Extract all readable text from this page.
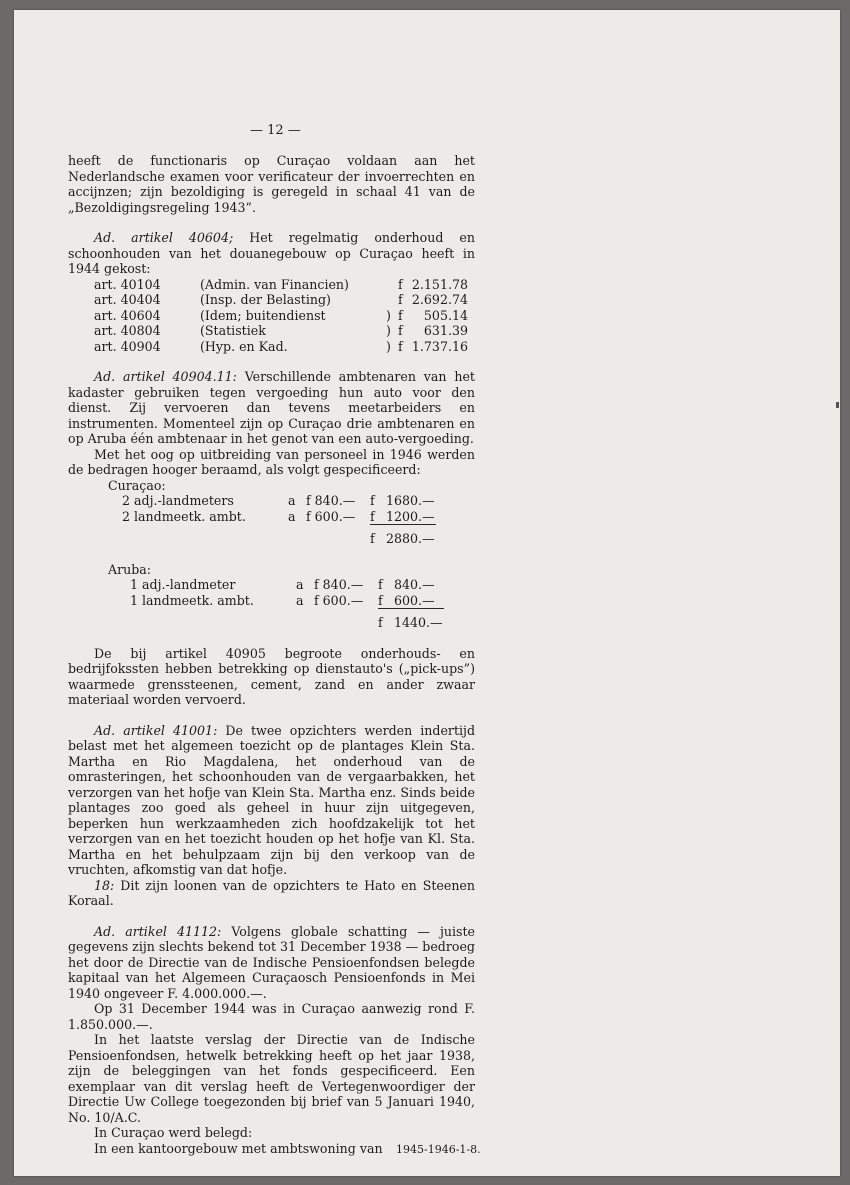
— 12 —

heeft de functionaris op Curaçao voldaan aan het Nederlandsche examen voor verificateur der invoerrechten en accijnzen; zijn bezoldiging is geregeld in schaal 41 van de „Bezoldigingsregeling 1943”.

Ad. artikel 40604; Het regelmatig onderhoud en schoonhouden van het douanegebouw op Curaçao heeft in 1944 gekost:

art. 40104	(Admin. van Financien)		f	2.151.78
art. 40404	(Insp. der Belasting)		f	2.692.74
art. 40604	(Idem; buitendienst	)	f	505.14
art. 40804	(Statistiek	)	f	631.39
art. 40904	(Hyp. en Kad.	)	f	1.737.16

Ad. artikel 40904.11: Verschillende ambtenaren van het kadaster gebruiken tegen vergoeding hun auto voor den dienst. Zij vervoeren dan tevens meetarbeiders en instrumenten. Momenteel zijn op Curaçao drie ambtenaren en op Aruba één ambtenaar in het genot van een auto-vergoeding.

Met het oog op uitbreiding van personeel in 1946 werden de bedragen hooger beraamd, als volgt gespecificeerd:

Curaçao:
2 adj.-landmeters	a	f 840.—	f	1680.—
2 landmeetk. ambt.	a	f 600.—	f	1200.—
			f	2880.—
Aruba:
1 adj.-landmeter	a	f 840.—	f	840.—
1 landmeetk. ambt.	a	f 600.—	f	600.—
			f	1440.—

De bij artikel 40905 begroote onderhouds- en bedrijfokssten hebben betrekking op dienstauto's („pick-ups”) waarmede grenssteenen, cement, zand en ander zwaar materiaal worden vervoerd.

Ad. artikel 41001: De twee opzichters werden indertijd belast met het algemeen toezicht op de plantages Klein Sta. Martha en Rio Magdalena, het onderhoud van de omrasteringen, het schoonhouden van de vergaarbakken, het verzorgen van het hofje van Klein Sta. Martha enz. Sinds beide plantages zoo goed als geheel in huur zijn uitgegeven, beperken hun werkzaamheden zich hoofdzakelijk tot het verzorgen van en het toezicht houden op het hofje van Kl. Sta. Martha en het behulpzaam zijn bij den verkoop van de vruchten, afkomstig van dat hofje.

18: Dit zijn loonen van de opzichters te Hato en Steenen Koraal.

Ad. artikel 41112: Volgens globale schatting — juiste gegevens zijn slechts bekend tot 31 December 1938 — bedroeg het door de Directie van de Indische Pensioenfondsen belegde kapitaal van het Algemeen Curaçaosch Pensioenfonds in Mei 1940 ongeveer F. 4.000.000.—.

Op 31 December 1944 was in Curaçao aanwezig rond F. 1.850.000.—.

In het laatste verslag der Directie van de Indische Pensioenfondsen, hetwelk betrekking heeft op het jaar 1938, zijn de beleggingen van het fonds gespecificeerd. Een exemplaar van dit verslag heeft de Vertegenwoordiger der Directie Uw College toegezonden bij brief van 5 Januari 1940, No. 10/A.C.

In Curaçao werd belegd:

In een kantoorgebouw met ambtswoning van	1945-1946-1-8.
